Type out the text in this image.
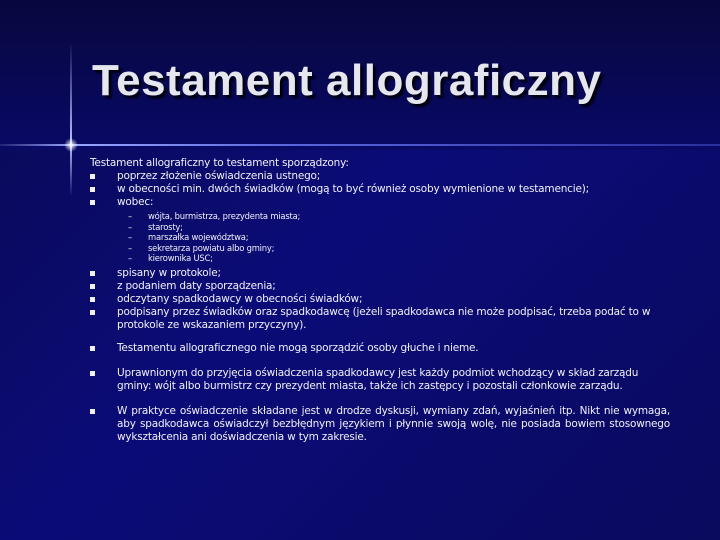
Testament allograficzny

Testament allograficzny to testament sporządzony:

poprzez złożenie oświadczenia ustnego;
w obecności min. dwóch świadków (mogą to być również osoby wymienione w testamencie);
wobec:
– wójta, burmistrza, prezydenta miasta;
– starosty;
– marszałka województwa;
– sekretarza powiatu albo gminy;
– kierownika USC;
spisany w protokole;
z podaniem daty sporządzenia;
odczytany spadkodawcy w obecności świadków;
podpisany przez świadków oraz spadkodawcę (jeżeli spadkodawca nie może podpisać, trzeba podać to w protokole ze wskazaniem przyczyny).
Testamentu allograficznego nie mogą sporządzić osoby głuche i nieme.
Uprawnionym do przyjęcia oświadczenia spadkodawcy jest każdy podmiot wchodzący w skład zarządu gminy: wójt albo burmistrz czy prezydent miasta, także ich zastępcy i pozostali członkowie zarządu.
W praktyce oświadczenie składane jest w drodze dyskusji, wymiany zdań, wyjaśnień itp. Nikt nie wymaga, aby spadkodawca oświadczył bezbłędnym językiem i płynnie swoją wolę, nie posiada bowiem stosownego wykształcenia ani doświadczenia w tym zakresie.
